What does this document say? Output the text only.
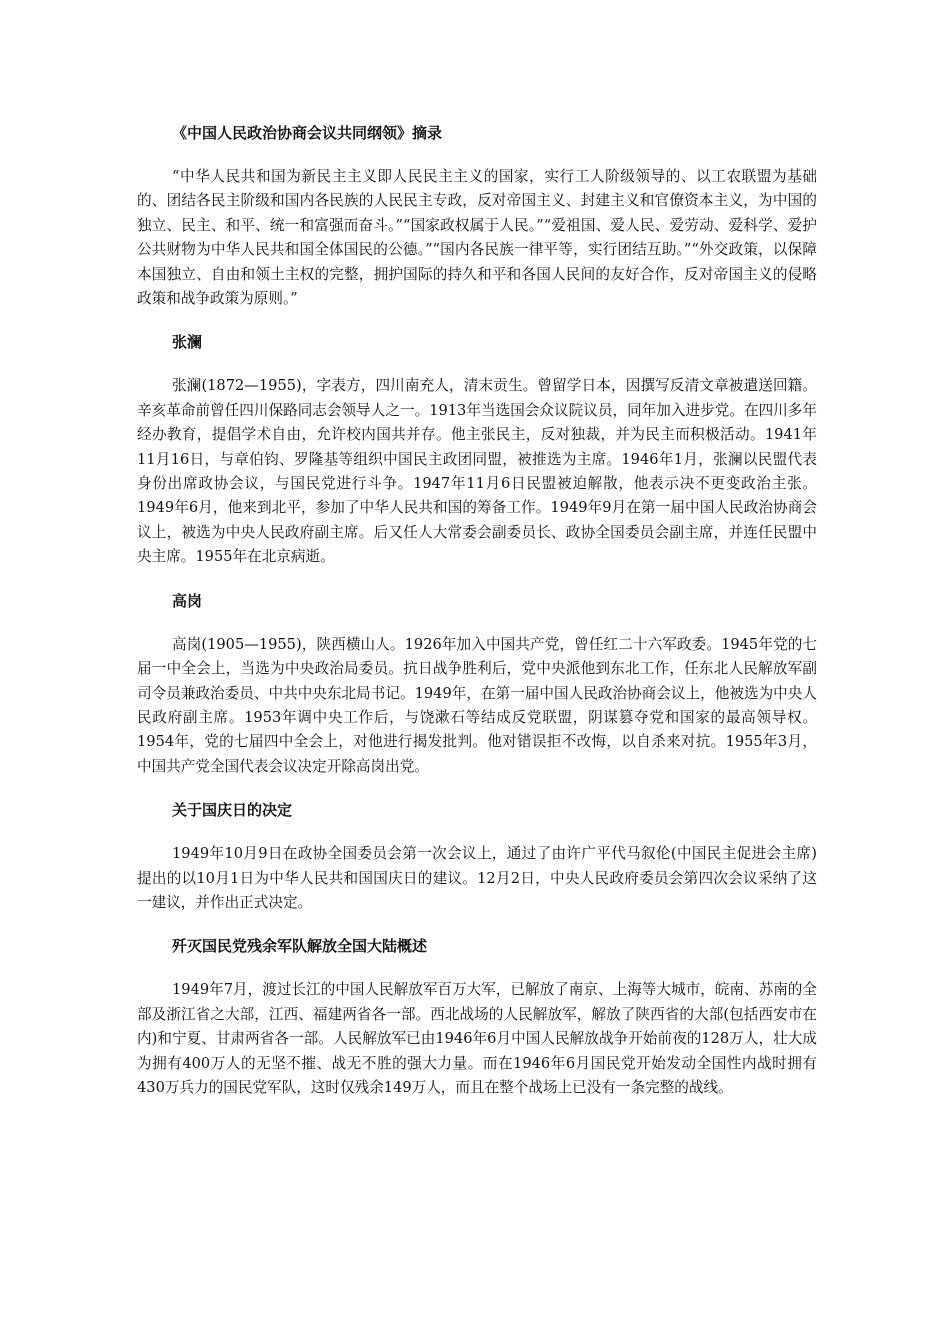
《中国人民政治协商会议共同纲领》摘录

“中华人民共和国为新民主主义即人民民主主义的国家，实行工人阶级领导的、以工农联盟为基础的、团结各民主阶级和国内各民族的人民民主专政，反对帝国主义、封建主义和官僚资本主义，为中国的独立、民主、和平、统一和富强而奋斗。”“国家政权属于人民。”“爱祖国、爱人民、爱劳动、爱科学、爱护公共财物为中华人民共和国全体国民的公德。”“国内各民族一律平等，实行团结互助。”“外交政策，以保障本国独立、自由和领土主权的完整，拥护国际的持久和平和各国人民间的友好合作，反对帝国主义的侵略政策和战争政策为原则。”

张澜

张澜(1872—1955)，字表方，四川南充人，清末贡生。曾留学日本，因撰写反清文章被遣送回籍。辛亥革命前曾任四川保路同志会领导人之一。1913年当选国会众议院议员，同年加入进步党。在四川多年经办教育，提倡学术自由，允许校内国共并存。他主张民主，反对独裁，并为民主而积极活动。1941年11月16日，与章伯钧、罗隆基等组织中国民主政团同盟，被推选为主席。1946年1月，张澜以民盟代表身份出席政协会议，与国民党进行斗争。1947年11月6日民盟被迫解散，他表示决不更变政治主张。1949年6月，他来到北平，参加了中华人民共和国的筹备工作。1949年9月在第一届中国人民政治协商会议上，被选为中央人民政府副主席。后又任人大常委会副委员长、政协全国委员会副主席，并连任民盟中央主席。1955年在北京病逝。

高岗

高岗(1905—1955)，陕西横山人。1926年加入中国共产党，曾任红二十六军政委。1945年党的七届一中全会上，当选为中央政治局委员。抗日战争胜利后，党中央派他到东北工作，任东北人民解放军副司令员兼政治委员、中共中央东北局书记。1949年，在第一届中国人民政治协商会议上，他被选为中央人民政府副主席。1953年调中央工作后，与饶漱石等结成反党联盟，阴谋篡夺党和国家的最高领导权。1954年，党的七届四中全会上，对他进行揭发批判。他对错误拒不改悔，以自杀来对抗。1955年3月，中国共产党全国代表会议决定开除高岗出党。

关于国庆日的决定

1949年10月9日在政协全国委员会第一次会议上，通过了由许广平代马叙伦(中国民主促进会主席)提出的以10月1日为中华人民共和国国庆日的建议。12月2日，中央人民政府委员会第四次会议采纳了这一建议，并作出正式决定。

歼灭国民党残余军队解放全国大陆概述

1949年7月，渡过长江的中国人民解放军百万大军，已解放了南京、上海等大城市，皖南、苏南的全部及浙江省之大部，江西、福建两省各一部。西北战场的人民解放军，解放了陕西省的大部(包括西安市在内)和宁夏、甘肃两省各一部。人民解放军已由1946年6月中国人民解放战争开始前夜的128万人，壮大成为拥有400万人的无坚不摧、战无不胜的强大力量。而在1946年6月国民党开始发动全国性内战时拥有430万兵力的国民党军队，这时仅残余149万人，而且在整个战场上已没有一条完整的战线。
